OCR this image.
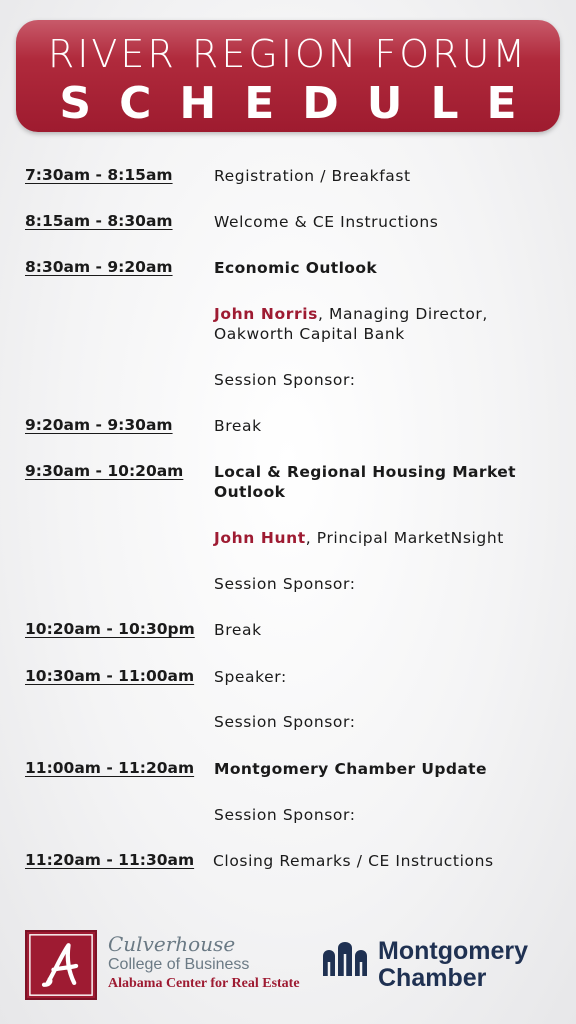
RIVER REGION FORUM
SCHEDULE
7:30am - 8:15am	Registration / Breakfast
8:15am - 8:30am	Welcome & CE Instructions
8:30am - 9:20am	Economic Outlook
John Norris, Managing Director, Oakworth Capital Bank
Session Sponsor:
9:20am - 9:30am	Break
9:30am - 10:20am Local & Regional Housing Market Outlook
John Hunt, Principal MarketNsight
Session Sponsor:
10:20am - 10:30pm Break
10:30am - 11:00am Speaker:
Session Sponsor:
11:00am - 11:20am Montgomery Chamber Update
Session Sponsor:
11:20am - 11:30am Closing Remarks / CE Instructions
Culverhouse
College of Business
Alabama Center for Real Estate
Montgomery
Chamber
